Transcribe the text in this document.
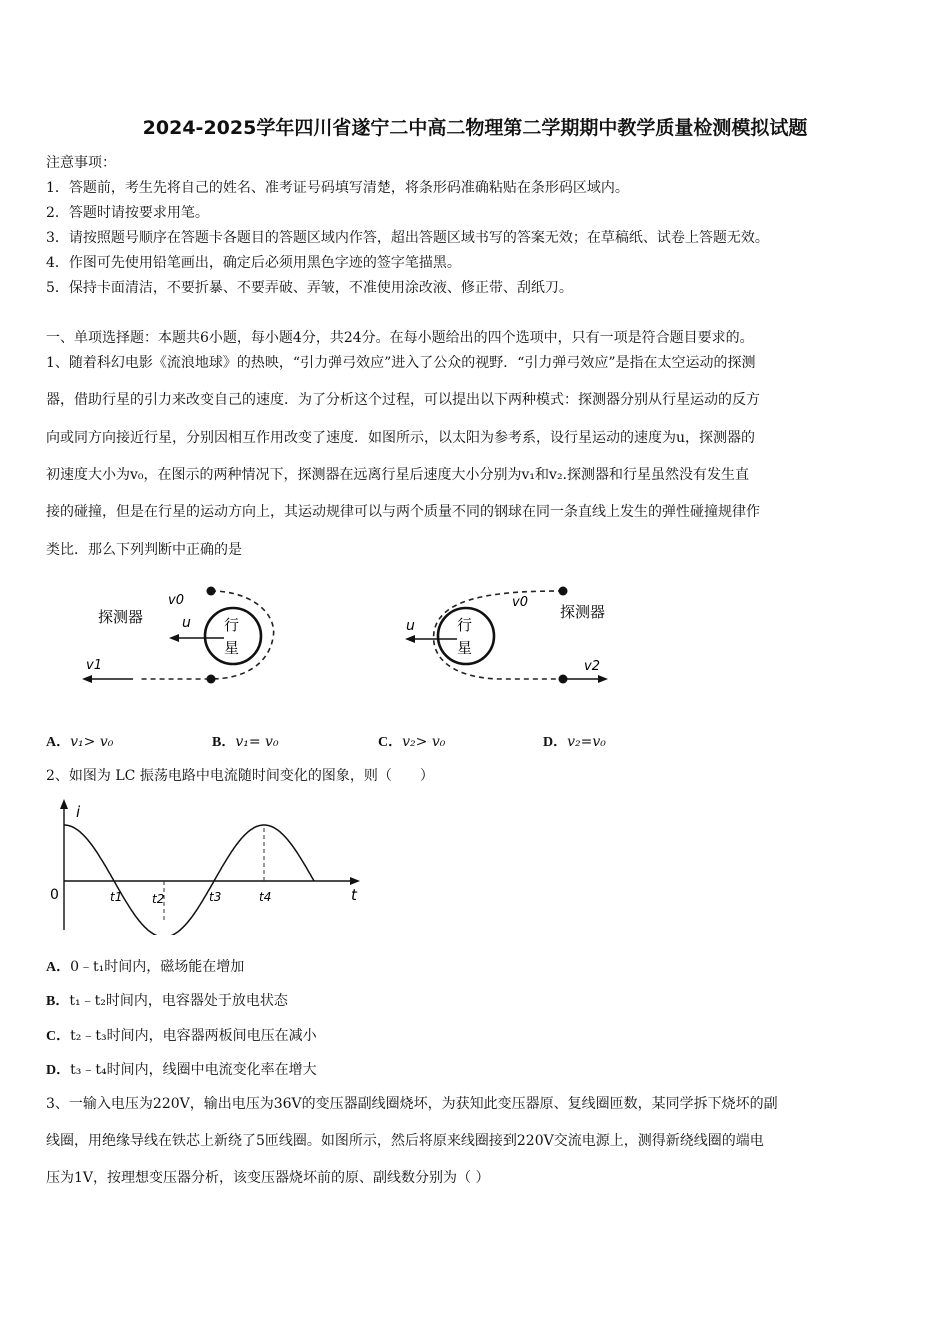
2024-2025学年四川省遂宁二中高二物理第二学期期中教学质量检测模拟试题
注意事项：
1．答题前，考生先将自己的姓名、准考证号码填写清楚，将条形码准确粘贴在条形码区域内。
2．答题时请按要求用笔。
3．请按照题号顺序在答题卡各题目的答题区域内作答，超出答题区域书写的答案无效；在草稿纸、试卷上答题无效。
4．作图可先使用铅笔画出，确定后必须用黑色字迹的签字笔描黑。
5．保持卡面清洁，不要折暴、不要弄破、弄皱，不准使用涂改液、修正带、刮纸刀。
一、单项选择题：本题共6小题，每小题4分，共24分。在每小题给出的四个选项中，只有一项是符合题目要求的。
1、随着科幻电影《流浪地球》的热映，“引力弹弓效应”进入了公众的视野．“引力弹弓效应”是指在太空运动的探测
器，借助行星的引力来改变自己的速度．为了分析这个过程，可以提出以下两种模式：探测器分别从行星运动的反方
向或同方向接近行星，分别因相互作用改变了速度．如图所示，以太阳为参考系，设行星运动的速度为u，探测器的
初速度大小为v₀，在图示的两种情况下，探测器在远离行星后速度大小分别为v₁和v₂.探测器和行星虽然没有发生直
接的碰撞，但是在行星的运动方向上，其运动规律可以与两个质量不同的钢球在同一条直线上发生的弹性碰撞规律作
类比．那么下列判断中正确的是
行
星
u
v0
探测器
v1
行
星
u
v0
探测器
v2
A．v₁> v₀	B．v₁= v₀	C．v₂> v₀	D．v₂=v₀
2、如图为 LC 振荡电路中电流随时间变化的图象，则（　　）
i
t
0	t1 t2	t3	t4
A．0﹣t₁时间内，磁场能在增加
B．t₁﹣t₂时间内，电容器处于放电状态
C．t₂﹣t₃时间内，电容器两板间电压在减小
D．t₃﹣t₄时间内，线圈中电流变化率在增大
3、一输入电压为220V，输出电压为36V的变压器副线圈烧坏，为获知此变压器原、复线圈匝数，某同学拆下烧坏的副
线圈，用绝缘导线在铁芯上新绕了5匝线圈。如图所示，然后将原来线圈接到220V交流电源上，测得新绕线圈的端电
压为1V，按理想变压器分析，该变压器烧坏前的原、副线数分别为（ ）
